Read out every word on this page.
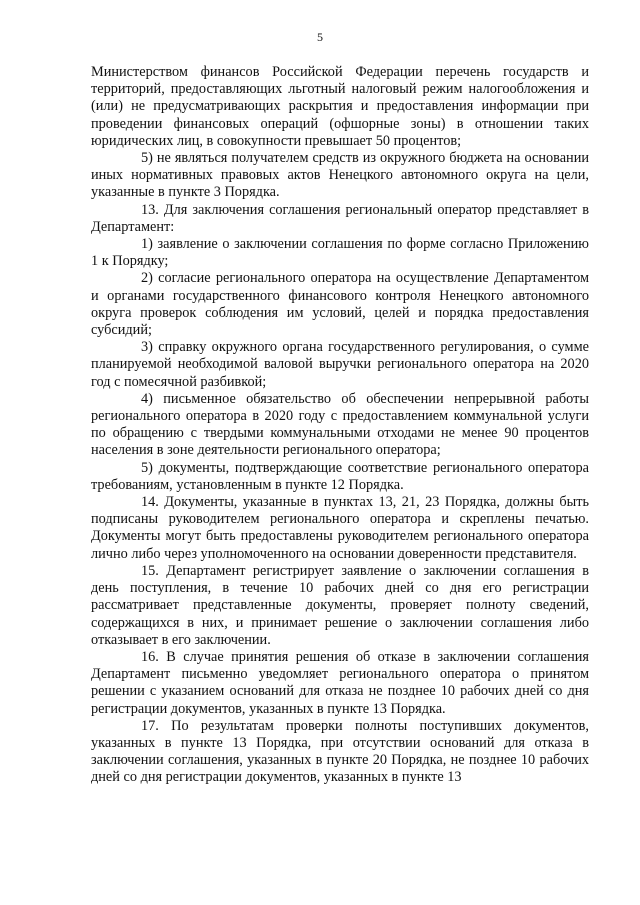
5

Министерством финансов Российской Федерации перечень государств и территорий, предоставляющих льготный налоговый режим налогообложения и (или) не предусматривающих раскрытия и предоставления информации при проведении финансовых операций (офшорные зоны) в отношении таких юридических лиц, в совокупности превышает 50 процентов;

5) не являться получателем средств из окружного бюджета на основании иных нормативных правовых актов Ненецкого автономного округа на цели, указанные в пункте 3 Порядка.

13. Для заключения соглашения региональный оператор представляет в Департамент:

1) заявление о заключении соглашения по форме согласно Приложению 1 к Порядку;

2) согласие регионального оператора на осуществление Департаментом и органами государственного финансового контроля Ненецкого автономного округа проверок соблюдения им условий, целей и порядка предоставления субсидий;

3) справку окружного органа государственного регулирования, о сумме планируемой необходимой валовой выручки регионального оператора на 2020 год с помесячной разбивкой;

4) письменное обязательство об обеспечении непрерывной работы регионального оператора в 2020 году с предоставлением коммунальной услуги по обращению с твердыми коммунальными отходами не менее 90 процентов населения в зоне деятельности регионального оператора;

5) документы, подтверждающие соответствие регионального оператора требованиям, установленным в пункте 12 Порядка.

14. Документы, указанные в пунктах 13, 21, 23 Порядка, должны быть подписаны руководителем регионального оператора и скреплены печатью. Документы могут быть предоставлены руководителем регионального оператора лично либо через уполномоченного на основании доверенности представителя.

15. Департамент регистрирует заявление о заключении соглашения в день поступления, в течение 10 рабочих дней со дня его регистрации рассматривает представленные документы, проверяет полноту сведений, содержащихся в них, и принимает решение о заключении соглашения либо отказывает в его заключении.

16. В случае принятия решения об отказе в заключении соглашения Департамент письменно уведомляет регионального оператора о принятом решении с указанием оснований для отказа не позднее 10 рабочих дней со дня регистрации документов, указанных в пункте 13 Порядка.

17. По результатам проверки полноты поступивших документов, указанных в пункте 13 Порядка, при отсутствии оснований для отказа в заключении соглашения, указанных в пункте 20 Порядка, не позднее 10 рабочих дней со дня регистрации документов, указанных в пункте 13
